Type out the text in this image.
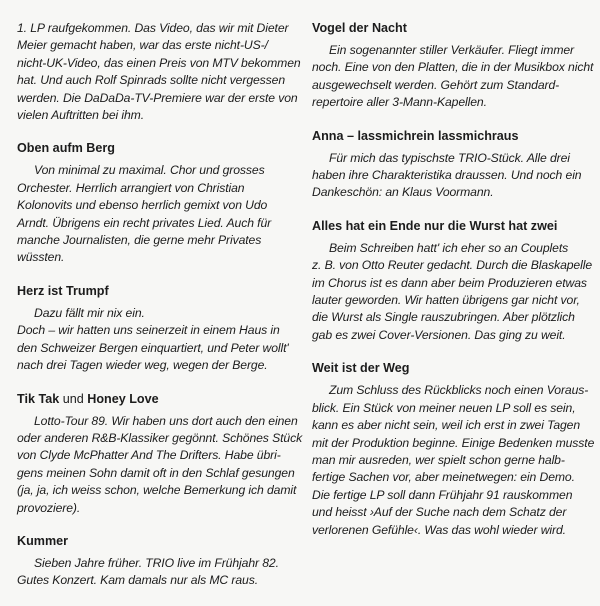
1. LP raufgekommen. Das Video, das wir mit Dieter
Meier gemacht haben, war das erste nicht-US-/
nicht-UK-Video, das einen Preis von MTV bekommen
hat. Und auch Rolf Spinrads sollte nicht vergessen
werden. Die DaDaDa-TV-Premiere war der erste von
vielen Auftritten bei ihm.
Oben aufm Berg
Von minimal zu maximal. Chor und grosses
Orchester. Herrlich arrangiert von Christian
Kolonovits und ebenso herrlich gemixt von Udo
Arndt. Übrigens ein recht privates Lied. Auch für
manche Journalisten, die gerne mehr Privates
wüssten.
Herz ist Trumpf
Dazu fällt mir nix ein.
Doch – wir hatten uns seinerzeit in einem Haus in
den Schweizer Bergen einquartiert, und Peter wollt'
nach drei Tagen wieder weg, wegen der Berge.
Tik Tak und Honey Love
Lotto-Tour 89. Wir haben uns dort auch den einen
oder anderen R&B-Klassiker gegönnt. Schönes Stück
von Clyde McPhatter And The Drifters. Habe übri-
gens meinen Sohn damit oft in den Schlaf gesungen
(ja, ja, ich weiss schon, welche Bemerkung ich damit
provoziere).
Kummer
Sieben Jahre früher. TRIO live im Frühjahr 82.
Gutes Konzert. Kam damals nur als MC raus.
Vogel der Nacht
Ein sogenannter stiller Verkäufer. Fliegt immer
noch. Eine von den Platten, die in der Musikbox nicht
ausgewechselt werden. Gehört zum Standard-
repertoire aller 3-Mann-Kapellen.
Anna – lassmichrein lassmichraus
Für mich das typischste TRIO-Stück. Alle drei
haben ihre Charakteristika draussen. Und noch ein
Dankeschön: an Klaus Voormann.
Alles hat ein Ende nur die Wurst hat zwei
Beim Schreiben hatt' ich eher so an Couplets
z. B. von Otto Reuter gedacht. Durch die Blaskapelle
im Chorus ist es dann aber beim Produzieren etwas
lauter geworden. Wir hatten übrigens gar nicht vor,
die Wurst als Single rauszubringen. Aber plötzlich
gab es zwei Cover-Versionen. Das ging zu weit.
Weit ist der Weg
Zum Schluss des Rückblicks noch einen Voraus-
blick. Ein Stück von meiner neuen LP soll es sein,
kann es aber nicht sein, weil ich erst in zwei Tagen
mit der Produktion beginne. Einige Bedenken musste
man mir ausreden, wer spielt schon gerne halb-
fertige Sachen vor, aber meinetwegen: ein Demo.
Die fertige LP soll dann Frühjahr 91 rauskommen
und heisst ›Auf der Suche nach dem Schatz der
verlorenen Gefühle‹. Was das wohl wieder wird.
